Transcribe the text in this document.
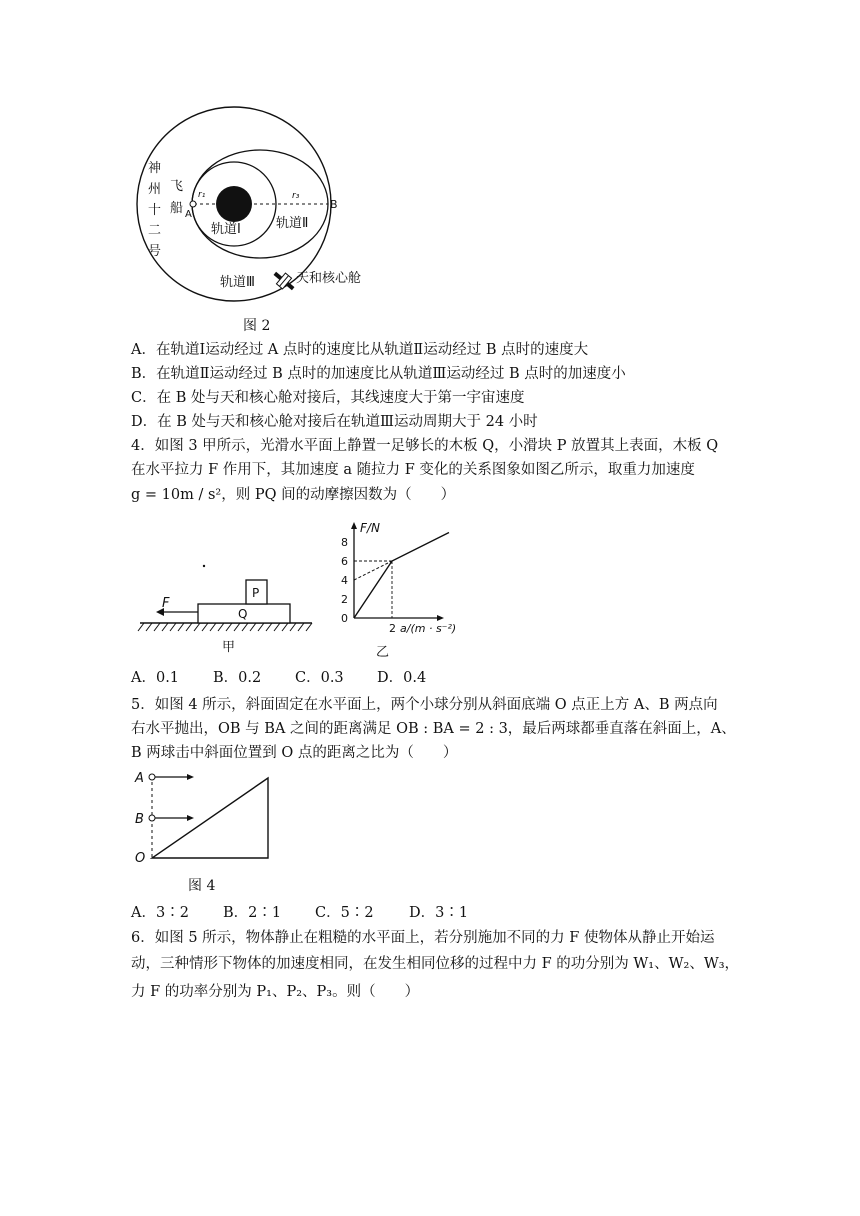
神
州
十
二
号
飞
船
r₁	r₃
A
B
轨道Ⅰ	轨道Ⅱ
轨道Ⅲ	天和核心舱
图 2
A．在轨道Ⅰ运动经过 A 点时的速度比从轨道Ⅱ运动经过 B 点时的速度大
B．在轨道Ⅱ运动经过 B 点时的加速度比从轨道Ⅲ运动经过 B 点时的加速度小
C．在 B 处与天和核心舱对接后，其线速度大于第一宇宙速度
D．在 B 处与天和核心舱对接后在轨道Ⅲ运动周期大于 24 小时
4．如图 3 甲所示，光滑水平面上静置一足够长的木板 Q，小滑块 P 放置其上表面，木板 Q
在水平拉力 F 作用下，其加速度 a 随拉力 F 变化的关系图象如图乙所示，取重力加速度
g = 10m / s²，则 PQ 间的动摩擦因数为（　　）
F
P
Q
甲
F/N
a/(m · s⁻²)
8
6
4
2
0
2
乙
A．0.1 B．0.2 C．0.3 D．0.4
5．如图 4 所示，斜面固定在水平面上，两个小球分别从斜面底端 O 点正上方 A、B 两点向
右水平抛出，OB 与 BA 之间的距离满足 OB : BA = 2 : 3，最后两球都垂直落在斜面上，A、
B 两球击中斜面位置到 O 点的距离之比为（　　）
A
B
O
图 4
A．3∶2 B．2∶1 C．5∶2 D．3∶1
6．如图 5 所示，物体静止在粗糙的水平面上，若分别施加不同的力 F 使物体从静止开始运
动，三种情形下物体的加速度相同，在发生相同位移的过程中力 F 的功分别为 W₁、W₂、W₃，
力 F 的功率分别为 P₁、P₂、P₃。则（　　）
